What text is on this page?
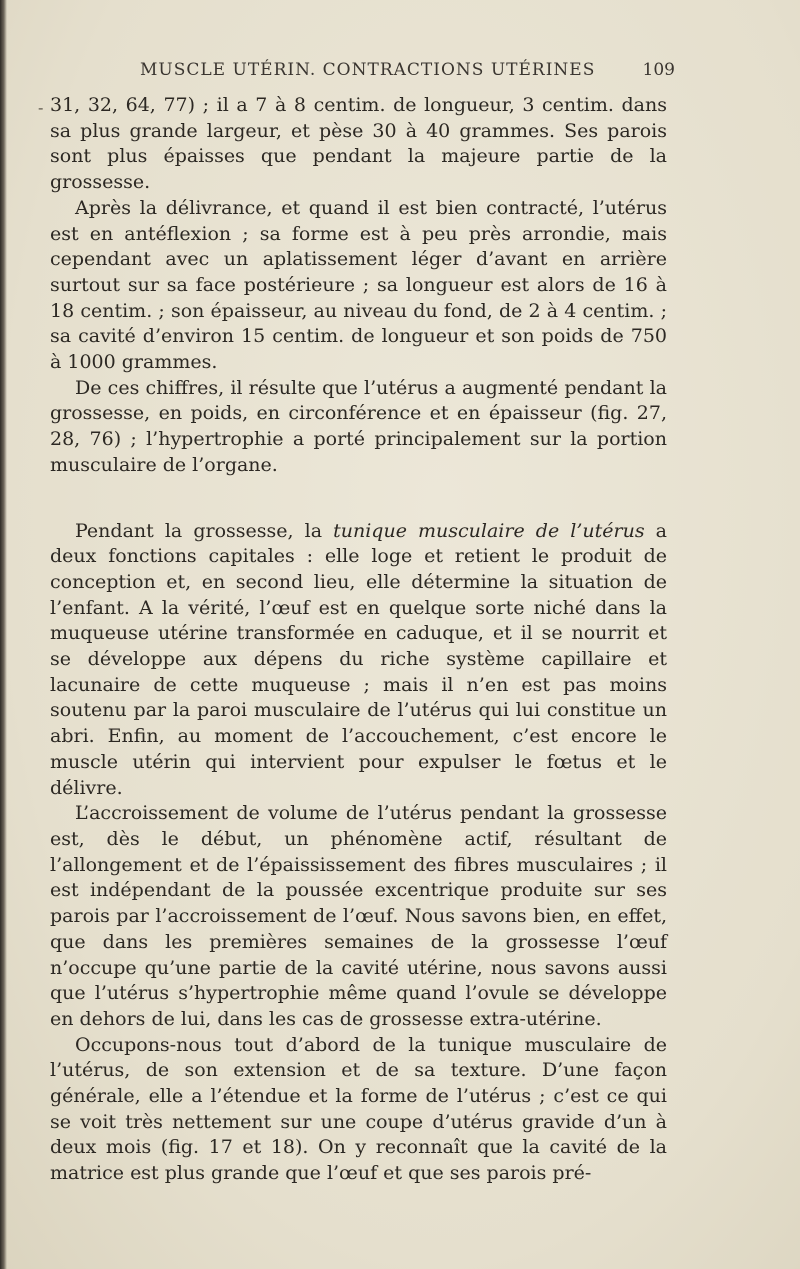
MUSCLE UTÉRIN. CONTRACTIONS UTÉRINES	109
- 31, 32, 64, 77) ; il a 7 à 8 centim. de longueur, 3 centim. dans sa plus grande largeur, et pèse 30 à 40 grammes. Ses parois sont plus épaisses que pendant la majeure partie de la grossesse.

Après la délivrance, et quand il est bien contracté, l’utérus est en antéflexion ; sa forme est à peu près arrondie, mais cependant avec un aplatissement léger d’avant en arrière surtout sur sa face postérieure ; sa longueur est alors de 16 à 18 centim. ; son épaisseur, au niveau du fond, de 2 à 4 centim. ; sa cavité d’environ 15 centim. de longueur et son poids de 750 à 1000 grammes.

De ces chiffres, il résulte que l’utérus a augmenté pendant la grossesse, en poids, en circonférence et en épaisseur (fig. 27, 28, 76) ; l’hypertrophie a porté principalement sur la portion musculaire de l’organe.

Pendant la grossesse, la tunique musculaire de l’utérus a deux fonctions capitales : elle loge et retient le produit de conception et, en second lieu, elle détermine la situation de l’enfant. A la vérité, l’œuf est en quelque sorte niché dans la muqueuse utérine transformée en caduque, et il se nourrit et se développe aux dépens du riche système capillaire et lacunaire de cette muqueuse ; mais il n’en est pas moins soutenu par la paroi musculaire de l’utérus qui lui constitue un abri. Enfin, au moment de l’accouchement, c’est encore le muscle utérin qui intervient pour expulser le fœtus et le délivre.

L’accroissement de volume de l’utérus pendant la grossesse est, dès le début, un phénomène actif, résultant de l’allongement et de l’épaississement des fibres musculaires ; il est indépendant de la poussée excentrique produite sur ses parois par l’accroissement de l’œuf. Nous savons bien, en effet, que dans les premières semaines de la grossesse l’œuf n’occupe qu’une partie de la cavité utérine, nous savons aussi que l’utérus s’hypertrophie même quand l’ovule se développe en dehors de lui, dans les cas de grossesse extra-utérine.

Occupons-nous tout d’abord de la tunique musculaire de l’utérus, de son extension et de sa texture. D’une façon générale, elle a l’étendue et la forme de l’utérus ; c’est ce qui se voit très nettement sur une coupe d’utérus gravide d’un à deux mois (fig. 17 et 18). On y reconnaît que la cavité de la matrice est plus grande que l’œuf et que ses parois pré-
